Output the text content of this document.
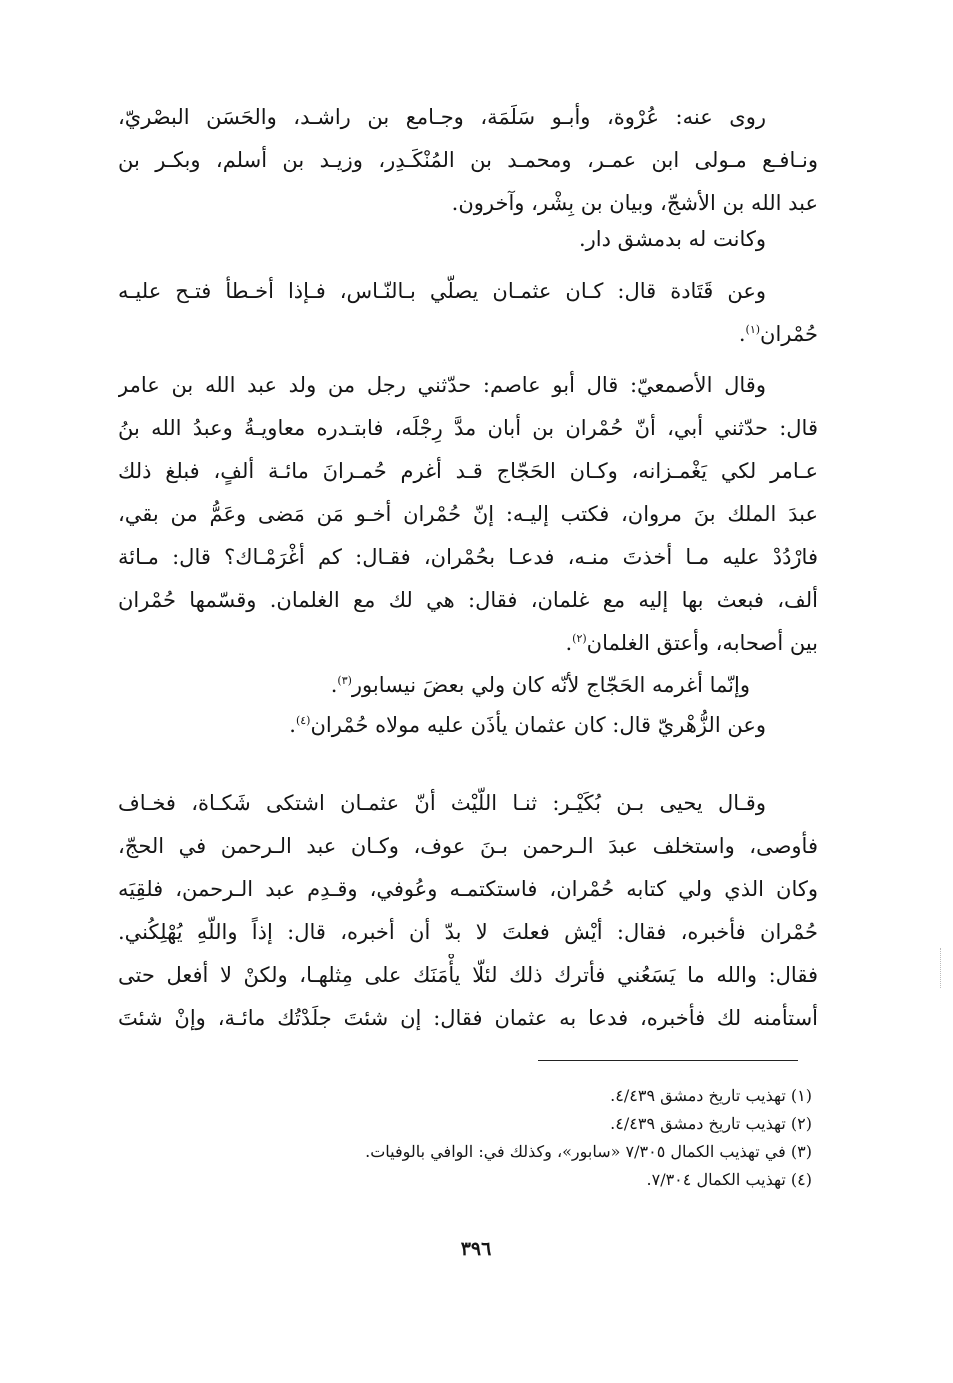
روى عنه: عُرْوة، وأبـو سَلَمَة، وجـامع بن راشـد، والحَسَن البصْريّ،
ونـافـع مـولى ابن عمـر، ومحمـد بن المُنْكَـدِر، وزيـد بن أسلم، وبكـر بن
عبد الله بن الأشجّ، وبيان بن بِشْر، وآخرون.
وكانت له بدمشق دار.
وعن قَتَادة قال: كـان عثمـان يصلّي بـالنّـاس، فـإذا أخـطأ فتـح عليـه
حُمْران$^{(١)}$.
وقال الأصمعيّ: قال أبو عاصم: حدّثني رجل من ولد عبد الله بن عامر
قال: حدّثني أبي، أنّ حُمْران بن أبان مدَّ رِجْلَه، فابتـدره معاويـةُ وعبدُ الله بنُ
عـامر لكي يَغْمـزانه، وكـان الحَجّاج قـد أغرم حُمـرانَ مائـة ألفٍ، فبلغ ذلك
عبدَ الملك بنَ مروان، فكتب إليـه: إنّ حُمْران أخـو مَن مَضى وعَمُّ من بقي،
فارْدُدْ عليه مـا أخذتَ منـه، فدعـا بحُمْران، فقـال: كم أغْرَمْـاك؟ قال: مـائة
ألف، فبعث بها إليه مع غلمان، فقال: هي لك مع الغلمان. وقسّمها حُمْران
بين أصحابه، وأعتق الغلمان$^{(٢)}$.
وإنّما أغرمه الحَجّاج لأنّه كان ولي بعضَ نيسابور$^{(٣)}$.
وعن الزُّهْريّ قال: كان عثمان يأذَن عليه مولاه حُمْران$^{(٤)}$.
وقـال يحيى بـن بُكَيْـر: ثنـا اللّيْث أنّ عثمـان اشتكى شَكـاة، فخـاف
فأوصى، واستخلف عبدَ الـرحمن بـنَ عوف، وكـان عبد الـرحمن في الحجّ،
وكان الذي ولي كتابه حُمْران، فاستكتمـه وعُوفي، وقـدِم عبد الـرحمن، فلقِيَه
حُمْران فأخبره، فقال: أيْش فعلتَ لا بدّ أن أخبره، قال: إذاً واللّهِ يُهْلِكُني.
فقال: والله ما يَسَعُني فأترك ذلك لئلّا يأْمَنَك على مِثلهـا، ولكنْ لا أفعل حتى
أستأمنه لك فأخبره، فدعا به عثمان فقال: إن شئتَ جلَدْتُك مائـة، وإنْ شئتَ
(١) تهذيب تاريخ دمشق ٤/٤٣٩.
(٢) تهذيب تاريخ دمشق ٤/٤٣٩.
(٣) في تهذيب الكمال ٧/٣٠٥ «سابور»، وكذلك في: الوافي بالوفيات.
(٤) تهذيب الكمال ٧/٣٠٤.
٣٩٦
